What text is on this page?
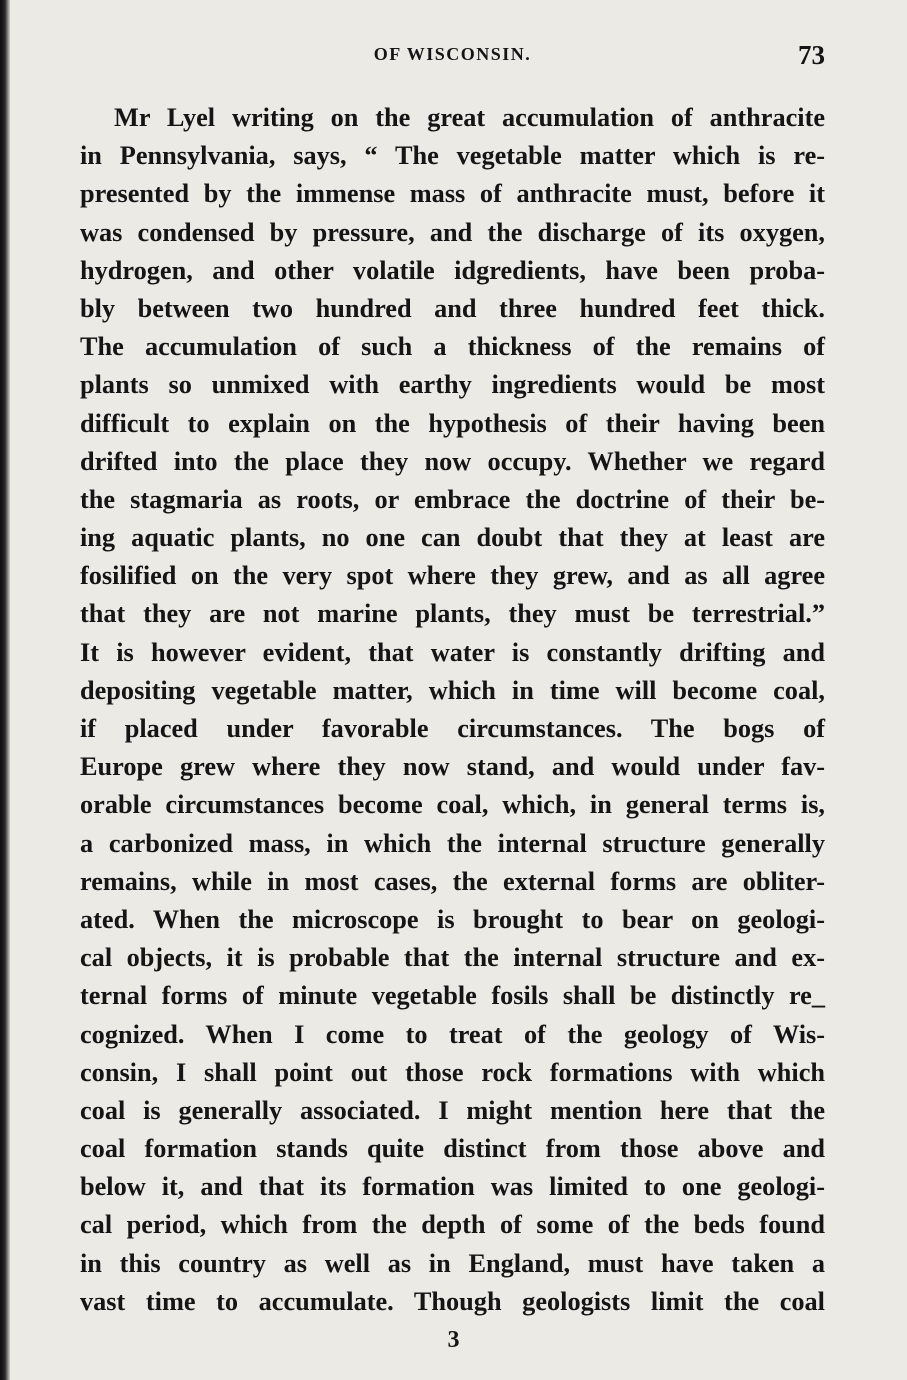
OF WISCONSIN.	73
Mr Lyel writing on the great accumulation of anthracite
in Pennsylvania, says, “ The vegetable matter which is re-
presented by the immense mass of anthracite must, before it
was condensed by pressure, and the discharge of its oxygen,
hydrogen, and other volatile idgredients, have been proba-
bly between two hundred and three hundred feet thick.
The accumulation of such a thickness of the remains of
plants so unmixed with earthy ingredients would be most
difficult to explain on the hypothesis of their having been
drifted into the place they now occupy. Whether we regard
the stagmaria as roots, or embrace the doctrine of their be-
ing aquatic plants, no one can doubt that they at least are
fosilified on the very spot where they grew, and as all agree
that they are not marine plants, they must be terrestrial.”
It is however evident, that water is constantly drifting and
depositing vegetable matter, which in time will become coal,
if placed under favorable circumstances. The bogs of
Europe grew where they now stand, and would under fav-
orable circumstances become coal, which, in general terms is,
a carbonized mass, in which the internal structure generally
remains, while in most cases, the external forms are obliter-
ated. When the microscope is brought to bear on geologi-
cal objects, it is probable that the internal structure and ex-
ternal forms of minute vegetable fosils shall be distinctly re_
cognized. When I come to treat of the geology of Wis-
consin, I shall point out those rock formations with which
coal is generally associated. I might mention here that the
coal formation stands quite distinct from those above and
below it, and that its formation was limited to one geologi-
cal period, which from the depth of some of the beds found
in this country as well as in England, must have taken a
vast time to accumulate. Though geologists limit the coal
3
